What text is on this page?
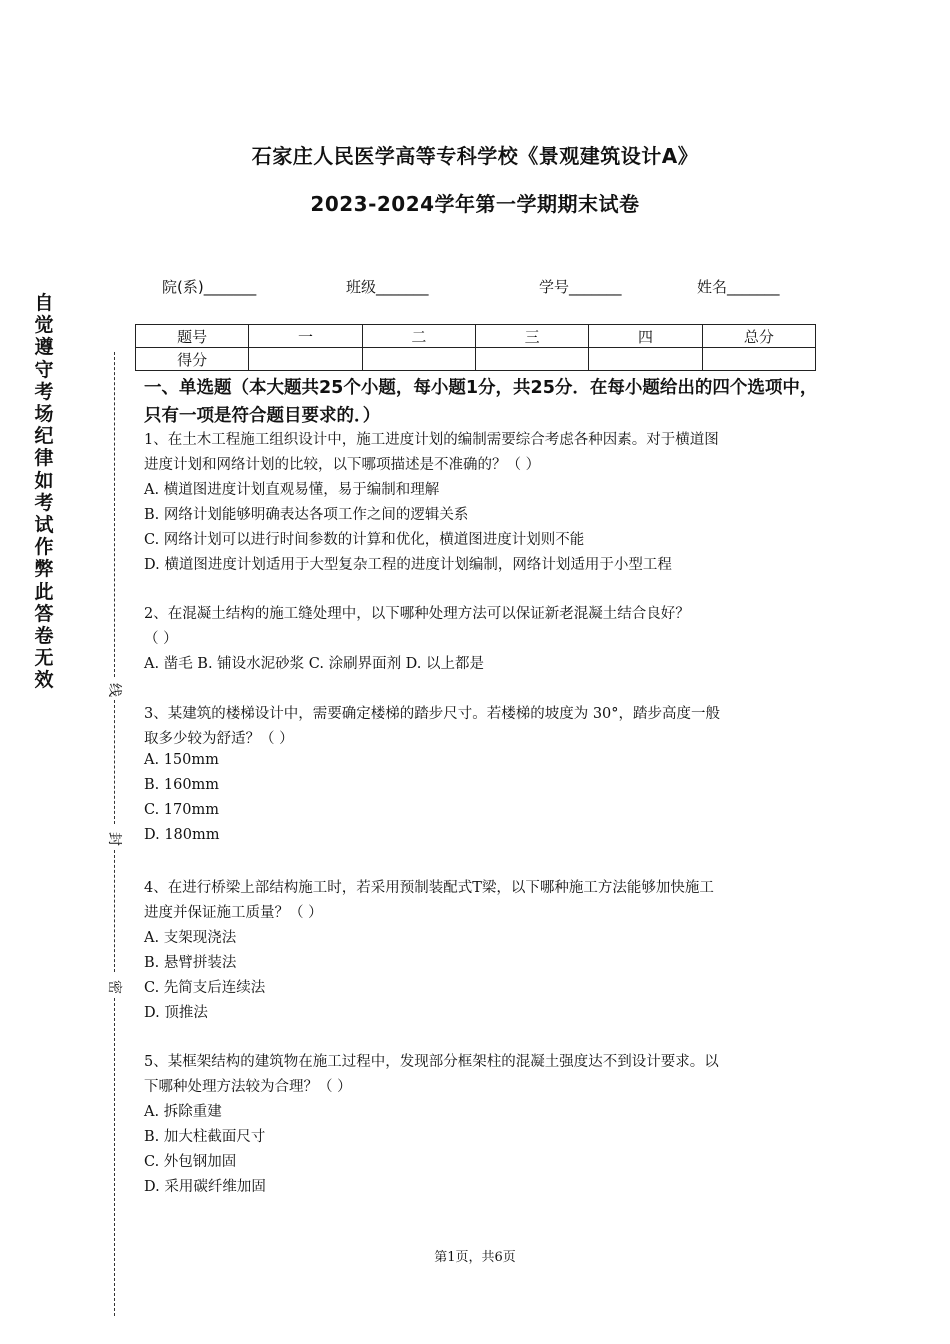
石家庄人民医学高等专科学校《景观建筑设计A》
2023-2024学年第一学期期末试卷
院(系)_______	班级_______	学号_______	姓名_______
题号	一	二	三	四	总分
得分					
自觉遵守考场纪律如考试作弊此答卷无效	线
封
密
一、单选题（本大题共25个小题，每小题1分，共25分．在每小题给出的四个选项中，只有一项是符合题目要求的．）
1、在土木工程施工组织设计中，施工进度计划的编制需要综合考虑各种因素。对于横道图
进度计划和网络计划的比较，以下哪项描述是不准确的？（ ）
A. 横道图进度计划直观易懂，易于编制和理解
B. 网络计划能够明确表达各项工作之间的逻辑关系
C. 网络计划可以进行时间参数的计算和优化，横道图进度计划则不能
D. 横道图进度计划适用于大型复杂工程的进度计划编制，网络计划适用于小型工程
2、在混凝土结构的施工缝处理中，以下哪种处理方法可以保证新老混凝土结合良好？
（ ）
A. 凿毛 B. 铺设水泥砂浆 C. 涂刷界面剂 D. 以上都是
3、某建筑的楼梯设计中，需要确定楼梯的踏步尺寸。若楼梯的坡度为 30°，踏步高度一般
取多少较为舒适？（ ）
A. 150mm
B. 160mm
C. 170mm
D. 180mm
4、在进行桥梁上部结构施工时，若采用预制装配式T梁，以下哪种施工方法能够加快施工
进度并保证施工质量？（ ）
A. 支架现浇法
B. 悬臂拼装法
C. 先简支后连续法
D. 顶推法
5、某框架结构的建筑物在施工过程中，发现部分框架柱的混凝土强度达不到设计要求。以
下哪种处理方法较为合理？（ ）
A. 拆除重建
B. 加大柱截面尺寸
C. 外包钢加固
D. 采用碳纤维加固
第1页，共6页
